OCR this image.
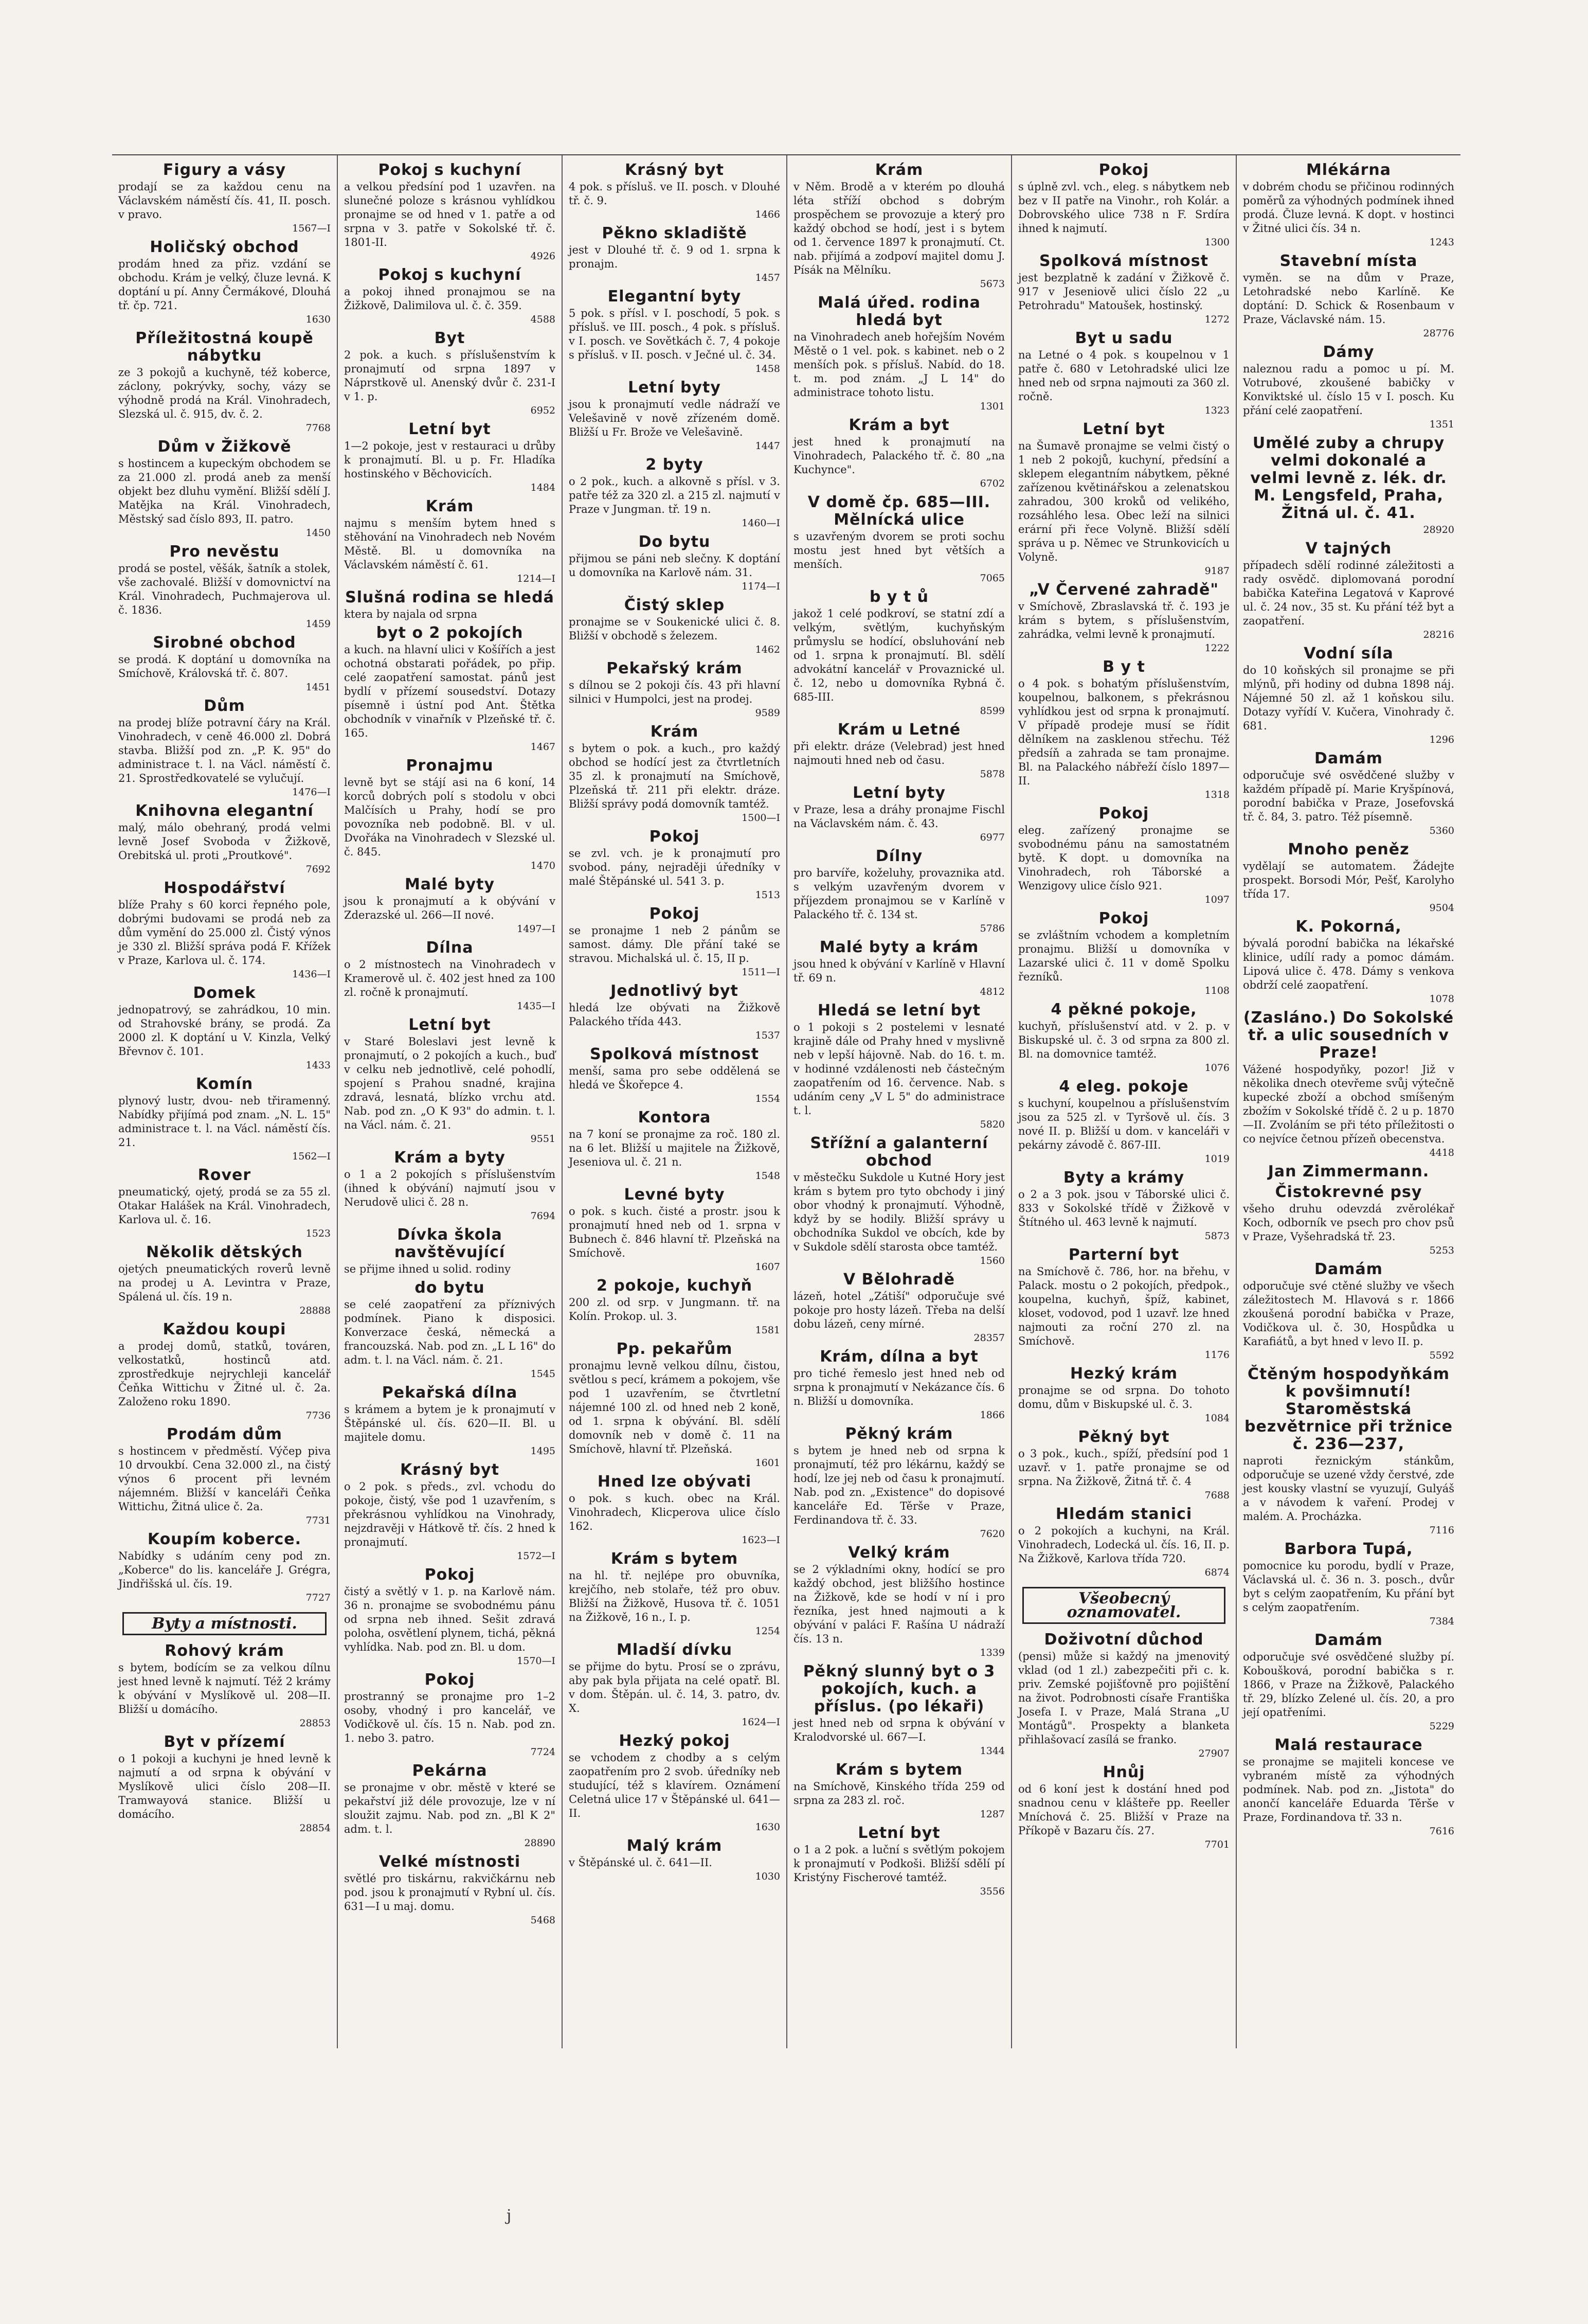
Figury a vásy

prodají se za každou cenu na Václavském náměstí čís. 41, II. posch. v pravo.

1567—I
Holičský obchod

prodám hned za přiz. vzdání se obchodu. Krám je velký, čluze levná. K doptání u pí. Anny Čermákové, Dlouhá tř. čp. 721.

1630
Příležitostná koupě nábytku

ze 3 pokojů a kuchyně, též koberce, záclony, pokrývky, sochy, vázy se výhodně prodá na Král. Vinohradech, Slezská ul. č. 915, dv. č. 2.

7768
Dům v Žižkově

s hostincem a kupeckým obchodem se za 21.000 zl. prodá aneb za menší objekt bez dluhu vymění. Bližší sdělí J. Matějka na Král. Vinohradech, Městský sad číslo 893, II. patro.

1450
Pro nevěstu

prodá se postel, věšák, šatník a stolek, vše zachovalé. Bližší v domovnictví na Král. Vinohradech, Puchmajerova ul. č. 1836.

1459
Sirobné obchod

se prodá. K doptání u domovníka na Smíchově, Královská tř. č. 807.

1451
Dům

na prodej blíže potravní čáry na Král. Vinohradech, v ceně 46.000 zl. Dobrá stavba. Bližší pod zn. „P. K. 95" do administrace t. l. na Václ. náměstí č. 21. Sprostředkovatelé se vylučují.

1476—I
Knihovna elegantní

malý, málo obehraný, prodá velmi levně Josef Svoboda v Žižkově, Orebitská ul. proti „Proutkové".

7692
Hospodářství

blíže Prahy s 60 korci řepného pole, dobrými budovami se prodá neb za dům vymění do 25.000 zl. Čistý výnos je 330 zl. Bližší správa podá F. Křížek v Praze, Karlova ul. č. 174.

1436—I
Domek

jednopatrový, se zahrádkou, 10 min. od Strahovské brány, se prodá. Za 2000 zl. K doptání u V. Kinzla, Velký Břevnov č. 101.

1433
Komín

plynový lustr, dvou- neb třiramenný. Nabídky přijímá pod znam. „N. L. 15" administrace t. l. na Václ. náměstí čís. 21.

1562—I
Rover

pneumatický, ojetý, prodá se za 55 zl. Otakar Halášek na Král. Vinohradech, Karlova ul. č. 16.

1523
Několik dětských

ojetých pneumatických roverů levně na prodej u A. Levintra v Praze, Spálená ul. čís. 19 n.

28888
Každou koupi

a prodej domů, statků, továren, velkostatků, hostinců atd. zprostředkuje nejrychleji kancelář Čeňka Wittichu v Žitné ul. č. 2a. Založeno roku 1890.

7736
Prodám dům

s hostincem v předměstí. Výčep piva 10 drvoukbí. Cena 32.000 zl., na čistý výnos 6 procent při levném nájemném. Bližší v kanceláři Čeňka Wittichu, Žitná ulice č. 2a.

7731
Koupím koberce.

Nabídky s udáním ceny pod zn. „Koberce" do lis. kanceláře J. Grégra, Jindřišská ul. čís. 19.

7727
Byty a místnosti.
Rohový krám

s bytem, bodícím se za velkou dílnu jest hned levně k najmutí. Též 2 krámy k obývání v Myslíkově ul. 208—II. Bližší u domácího.

28853
Byt v přízemí

o 1 pokoji a kuchyni je hned levně k najmutí a od srpna k obývání v Myslíkově ulici číslo 208—II. Tramwayová stanice. Bližší u domácího.

28854
Pokoj s kuchyní

a velkou předsíní pod 1 uzavřen. na slunečné poloze s krásnou vyhlídkou pronajme se od hned v 1. patře a od srpna v 3. patře v Sokolské tř. č. 1801-II.

4926
Pokoj s kuchyní

a pokoj ihned pronajmou se na Žižkově, Dalimilova ul. č. č. 359.

4588
Byt

2 pok. a kuch. s příslušenstvím k pronajmutí od srpna 1897 v Náprstkově ul. Anenský dvůr č. 231-I v 1. p.

6952
Letní byt

1—2 pokoje, jest v restauraci u drůby k pronajmutí. Bl. u p. Fr. Hladíka hostinského v Běchovicích.

1484
Krám

najmu s menším bytem hned s stěhování na Vinohradech neb Novém Městě. Bl. u domovníka na Václavském náměstí č. 61.

1214—I
Slušná rodina se hledá

ktera by najala od srpna

byt o 2 pokojích

a kuch. na hlavní ulici v Košířích a jest ochotná obstarati pořádek, po přip. celé zaopatření samostat. pánů jest bydlí v přízemí sousedství. Dotazy písemně i ústní pod Ant. Štětka obchodník v vinařník v Plzeňské tř. č. 165.

1467
Pronajmu

levně byt se stájí asi na 6 koní, 14 korců dobrých polí s stodolu v obci Malčísích u Prahy, hodí se pro povozníka neb podobně. Bl. v ul. Dvořáka na Vinohradech v Slezské ul. č. 845.

1470
Malé byty

jsou k pronajmutí a k obývání v Zderazské ul. 266—II nové.

1497—I
Dílna

o 2 místnostech na Vinohradech v Kramerově ul. č. 402 jest hned za 100 zl. ročně k pronajmutí.

1435—I
Letní byt

v Staré Boleslavi jest levně k pronajmutí, o 2 pokojích a kuch., buď v celku neb jednotlivě, celé pohodlí, spojení s Prahou snadné, krajina zdravá, lesnatá, blízko vrchu atd. Nab. pod zn. „O K 93" do admin. t. l. na Václ. nám. č. 21.

9551
Krám a byty

o 1 a 2 pokojích s příslušenstvím (ihned k obývání) najmutí jsou v Nerudově ulici č. 28 n.

7694
Dívka škola navštěvující

se přijme ihned u solid. rodiny

do bytu

se celé zaopatření za příznivých podmínek. Piano k disposici. Konverzace česká, německá a francouzská. Nab. pod zn. „L L 16" do adm. t. l. na Václ. nám. č. 21.

1545
Pekařská dílna

s krámem a bytem je k pronajmutí v Štěpánské ul. čís. 620—II. Bl. u majitele domu.

1495
Krásný byt

o 2 pok. s předs., zvl. vchodu do pokoje, čistý, vše pod 1 uzavřením, s překrásnou vyhlídkou na Vinohrady, nejzdravěji v Hátkově tř. čís. 2 hned k pronajmutí.

1572—I
Pokoj

čistý a světlý v 1. p. na Karlově nám. 36 n. pronajme se svobodnému pánu od srpna neb ihned. Sešit zdravá poloha, osvětlení plynem, tichá, pěkná vyhlídka. Nab. pod zn. Bl. u dom.

1570—I
Pokoj

prostranný se pronajme pro 1–2 osoby, vhodný i pro kancelář, ve Vodičkově ul. čís. 15 n. Nab. pod zn. 1. nebo 3. patro.

7724
Pekárna

se pronajme v obr. městě v které se pekařství již déle provozuje, lze v ní sloužit zajmu. Nab. pod zn. „Bl K 2" adm. t. l.

28890
Velké místnosti

světlé pro tiskárnu, rakvičkárnu neb pod. jsou k pronajmutí v Rybní ul. čís. 631—I u maj. domu.

5468
Krásný byt

4 pok. s přísluš. ve II. posch. v Dlouhé tř. č. 9.

1466
Pěkno skladiště

jest v Dlouhé tř. č. 9 od 1. srpna k pronajm.

1457
Elegantní byty

5 pok. s přísl. v I. poschodí, 5 pok. s přísluš. ve III. posch., 4 pok. s přísluš. v I. posch. ve Sovětkách č. 7, 4 pokoje s přísluš. v II. posch. v Ječné ul. č. 34.

1458
Letní byty

jsou k pronajmutí vedle nádraží ve Velešavině v nově zřízeném domě. Bližší u Fr. Brože ve Velešavině.

1447
2 byty

o 2 pok., kuch. a alkovně s přísl. v 3. patře též za 320 zl. a 215 zl. najmutí v Praze v Jungman. tř. 19 n.

1460—I
Do bytu

přijmou se páni neb slečny. K doptání u domovníka na Karlově nám. 31.

1174—I
Čistý sklep

pronajme se v Soukenické ulici č. 8. Bližší v obchodě s železem.

1462
Pekařský krám

s dílnou se 2 pokoji čís. 43 při hlavní silnici v Humpolci, jest na prodej.

9589
Krám

s bytem o pok. a kuch., pro každý obchod se hodící jest za čtvrtletních 35 zl. k pronajmutí na Smíchově, Plzeňská tř. 211 při elektr. dráze. Bližší správy podá domovník tamtéž.

1500—I
Pokoj

se zvl. vch. je k pronajmutí pro svobod. pány, nejraději úředníky v malé Štěpánské ul. 541 3. p.

1513
Pokoj

se pronajme 1 neb 2 pánům se samost. dámy. Dle přání také se stravou. Michalská ul. č. 15, II p.

1511—I
Jednotlivý byt

hledá lze obývati na Žižkově Palackého třída 443.

1537
Spolková místnost

menší, sama pro sebe oddělená se hledá ve Škořepce 4.

1554
Kontora

na 7 koní se pronajme za roč. 180 zl. na 6 let. Bližší u majitele na Žižkově, Jeseniova ul. č. 21 n.

1548
Levné byty

o pok. s kuch. čisté a prostr. jsou k pronajmutí hned neb od 1. srpna v Bubnech č. 846 hlavní tř. Plzeňská na Smíchově.

1607
2 pokoje, kuchyň

200 zl. od srp. v Jungmann. tř. na Kolín. Prokop. ul. 3.

1581
Pp. pekařům

pronajmu levně velkou dílnu, čistou, světlou s pecí, krámem a pokojem, vše pod 1 uzavřením, se čtvrtletní nájemné 100 zl. od hned neb 2 koně, od 1. srpna k obývání. Bl. sdělí domovník neb v domě č. 11 na Smíchově, hlavní tř. Plzeňská.

1601
Hned lze obývati

o pok. s kuch. obec na Král. Vinohradech, Klicperova ulice číslo 162.

1623—I
Krám s bytem

na hl. tř. nejlépe pro obuvníka, krejčího, neb stolaře, též pro obuv. Bližší na Žižkově, Husova tř. č. 1051 na Žižkově, 16 n., I. p.

1254
Mladší dívku

se přijme do bytu. Prosí se o zprávu, aby pak byla přijata na celé opatř. Bl. v dom. Štěpán. ul. č. 14, 3. patro, dv. X.

1624—I
Hezký pokoj

se vchodem z chodby a s celým zaopatřením pro 2 svob. úředníky neb studující, též s klavírem. Oznámení Celetná ulice 17 v Štěpánské ul. 641—II.

1630
Malý krám

v Štěpánské ul. č. 641—II.

1030
Krám

v Něm. Brodě a v kterém po dlouhá léta stříží obchod s dobrým prospěchem se provozuje a který pro každý obchod se hodí, jest i s bytem od 1. července 1897 k pronajmutí. Ct. nab. přijímá a zodpoví majitel domu J. Písák na Mělníku.

5673
Malá úřed. rodina hledá byt

na Vinohradech aneb hořejším Novém Městě o 1 vel. pok. s kabinet. neb o 2 menších pok. s přísluš. Nabíd. do 18. t. m. pod znám. „J L 14" do administrace tohoto listu.

1301
Krám a byt

jest hned k pronajmutí na Vinohradech, Palackého tř. č. 80 „na Kuchynce".

6702
V domě čp. 685—III. Mělnícká ulice

s uzavřeným dvorem se proti sochu mostu jest hned byt větších a menších.

7065
b y t ů

jakož 1 celé podkroví, se statní zdí a velkým, světlým, kuchyňským průmyslu se hodící, obsluhování neb od 1. srpna k pronajmutí. Bl. sdělí advokátní kancelář v Provaznické ul. č. 12, nebo u domovníka Rybná č. 685-III.

8599
Krám u Letné

při elektr. dráze (Velebrad) jest hned najmouti hned neb od času.

5878
Letní byty

v Praze, lesa a dráhy pronajme Fischl na Václavském nám. č. 43.

6977
Dílny

pro barvíře, koželuhy, provaznika atd. s velkým uzavřeným dvorem v příjezdem pronajmou se v Karlíně v Palackého tř. č. 134 st.

5786
Malé byty a krám

jsou hned k obývání v Karlíně v Hlavní tř. 69 n.

4812
Hledá se letní byt

o 1 pokoji s 2 postelemi v lesnaté krajině dále od Prahy hned v myslivně neb v lepší hájovně. Nab. do 16. t. m. v hodinné vzdálenosti neb částečným zaopatřením od 16. července. Nab. s udáním ceny „V L 5" do administrace t. l.

5820
Střížní a galanterní obchod

v městečku Sukdole u Kutné Hory jest krám s bytem pro tyto obchody i jiný obor vhodný k pronajmutí. Výhodně, když by se hodily. Bližší správy u obchodníka Sukdol ve obcích, kde by v Sukdole sdělí starosta obce tamtéž.

1560
V Bělohradě

lázeň, hotel „Zátiší" odporučuje své pokoje pro hosty lázeň. Třeba na delší dobu lázeň, ceny mírné.

28357
Krám, dílna a byt

pro tiché řemeslo jest hned neb od srpna k pronajmutí v Nekázance čís. 6 n. Bližší u domovníka.

1866
Pěkný krám

s bytem je hned neb od srpna k pronajmutí, též pro lékárnu, každý se hodí, lze jej neb od času k pronajmutí. Nab. pod zn. „Existence" do dopisové kanceláře Ed. Těrše v Praze, Ferdinandova tř. č. 33.

7620
Velký krám

se 2 výkladními okny, hodící se pro každý obchod, jest bližšího hostince na Žižkově, kde se hodí v ní i pro řezníka, jest hned najmouti a k obývání v paláci F. Rašína U nádraží čís. 13 n.

1339
Pěkný slunný byt o 3 pokojích, kuch. a příslus. (po lékaři)

jest hned neb od srpna k obývání v Kralodvorské ul. 667—I.

1344
Krám s bytem

na Smíchově, Kinského třída 259 od srpna za 283 zl. roč.

1287
Letní byt

o 1 a 2 pok. a luční s světlým pokojem k pronajmutí v Podkoši. Bližší sdělí pí Kristýny Fischerové tamtéž.

3556
Pokoj

s úplně zvl. vch., eleg. s nábytkem neb bez v II patře na Vinohr., roh Kolár. a Dobrovského ulice 738 n F. Srdíra ihned k najmutí.

1300
Spolková místnost

jest bezplatně k zadání v Žižkově č. 917 v Jeseniově ulici číslo 22 „u Petrohradu" Matoušek, hostinský.

1272
Byt u sadu

na Letné o 4 pok. s koupelnou v 1 patře č. 680 v Letohradské ulici lze hned neb od srpna najmouti za 360 zl. ročně.

1323
Letní byt

na Šumavě pronajme se velmi čistý o 1 neb 2 pokojů, kuchyní, předsíní a sklepem elegantním nábytkem, pěkné zařízenou květinářskou a zelenatskou zahradou, 300 kroků od velikého, rozsáhlého lesa. Obec leží na silnici erární při řece Volyně. Bližší sdělí správa u p. Němec ve Strunkovicích u Volyně.

9187
„V Červené zahradě"

v Smíchově, Zbraslavská tř. č. 193 je krám s bytem, s příslušenstvím, zahrádka, velmi levně k pronajmutí.

1222
B y t

o 4 pok. s bohatým příslušenstvím, koupelnou, balkonem, s překrásnou vyhlídkou jest od srpna k pronajmutí. V případě prodeje musí se řídit dělníkem na zasklenou střechu. Též předsíň a zahrada se tam pronajme. Bl. na Palackého nábřeží číslo 1897—II.

1318
Pokoj

eleg. zařízený pronajme se svobodnému pánu na samostatném bytě. K dopt. u domovníka na Vinohradech, roh Táborské a Wenzigovy ulice číslo 921.

1097
Pokoj

se zvláštním vchodem a kompletním pronajmu. Bližší u domovníka v Lazarské ulici č. 11 v domě Spolku řezníků.

1108
4 pěkné pokoje,

kuchyň, příslušenství atd. v 2. p. v Biskupské ul. č. 3 od srpna za 800 zl. Bl. na domovnice tamtéž.

1076
4 eleg. pokoje

s kuchyní, koupelnou a příslušenstvím jsou za 525 zl. v Tyršově ul. čís. 3 nové II. p. Bližší u dom. v kanceláři v pekárny závodě č. 867-III.

1019
Byty a krámy

o 2 a 3 pok. jsou v Táborské ulici č. 833 v Sokolské třídě v Žižkově v Štítného ul. 463 levně k najmutí.

5873
Parterní byt

na Smíchově č. 786, hor. na břehu, v Palack. mostu o 2 pokojích, předpok., koupelna, kuchyň, špíž, kabinet, kloset, vodovod, pod 1 uzavř. lze hned najmouti za roční 270 zl. na Smíchově.

1176
Hezký krám

pronajme se od srpna. Do tohoto domu, dům v Biskupské ul. č. 3.

1084
Pěkný byt

o 3 pok., kuch., spíží, předsíní pod 1 uzavř. v 1. patře pronajme se od srpna. Na Žižkově, Žitná tř. č. 4

7688
Hledám stanici

o 2 pokojích a kuchyni, na Král. Vinohradech, Lodecká ul. čís. 16, II. p. Na Žižkově, Karlova třída 720.

6874
Všeobecný oznamovatel.
Doživotní důchod

(pensi) může si každý na jmenovitý vklad (od 1 zl.) zabezpečiti při c. k. priv. Zemské pojišťovně pro pojištění na život. Podrobnosti císaře Františka Josefa I. v Praze, Malá Strana „U Montágů". Prospekty a blanketa přihlašovací zasílá se franko.

27907
Hnůj

od 6 koní jest k dostání hned pod snadnou cenu v klášteře pp. Reeller Mníchová č. 25. Bližší v Praze na Příkopě v Bazaru čís. 27.

7701
Mlékárna

v dobrém chodu se přičinou rodinných poměrů za výhodných podmínek ihned prodá. Čluze levná. K dopt. v hostinci v Žitné ulici čís. 34 n.

1243
Stavební místa

vyměn. se na dům v Praze, Letohradské nebo Karlíně. Ke doptání: D. Schick & Rosenbaum v Praze, Václavské nám. 15.

28776
Dámy

naleznou radu a pomoc u pí. M. Votrubové, zkoušené babičky v Konviktské ul. číslo 15 v I. posch. Ku přání celé zaopatření.

1351
Umělé zuby a chrupy velmi dokonalé a velmi levně z. lék. dr. M. Lengsfeld, Praha, Žitná ul. č. 41.

28920
V tajných

případech sdělí rodinné záležitosti a rady osvědč. diplomovaná porodní babička Kateřina Legatová v Kaprové ul. č. 24 nov., 35 st. Ku přání též byt a zaopatření.

28216
Vodní síla

do 10 koňských sil pronajme se při mlýnů, při hodiny od dubna 1898 náj. Nájemné 50 zl. až 1 koňskou silu. Dotazy vyřídí V. Kučera, Vinohrady č. 681.

1296
Damám

odporučuje své osvědčené služby v každém případě pí. Marie Kryšpínová, porodní babička v Praze, Josefovská tř. č. 84, 3. patro. Též písemně.

5360
Mnoho peněz

vydělají se automatem. Žádejte prospekt. Borsodi Mór, Pešť, Karolyho třída 17.

9504
K. Pokorná,

bývalá porodní babička na lékařské klinice, udílí rady a pomoc dámám. Lipová ulice č. 478. Dámy s venkova obdrží celé zaopatření.

1078
(Zasláno.) Do Sokolské tř. a ulic sousedních v Praze!

Vážené hospodyňky, pozor! Již v několika dnech otevřeme svůj výtečně kupecké zboží a obchod smíšeným zbožím v Sokolské třídě č. 2 u p. 1870—II. Zvoláním se při této příležitosti o co nejvíce četnou přízeň obecenstva.

4418
Jan Zimmermann.

Čistokrevné psy

všeho druhu odevzdá zvěrolékař Koch, odborník ve psech pro chov psů v Praze, Vyšehradská tř. 23.

5253
Damám

odporučuje své ctěné služby ve všech záležitostech M. Hlavová s r. 1866 zkoušená porodní babička v Praze, Vodičkova ul. č. 30, Hospůdka u Karafiátů, a byt hned v levo II. p.

5592
Čtěným hospodyňkám k povšimnutí! Staroměstská bezvětrnice při tržnice č. 236—237,

naproti řeznickým stánkům, odporučuje se uzené vždy čerstvé, zde jest kousky vlastní se vyuzují, Gulyáš a v návodem k vaření. Prodej v malém. A. Procházka.

7116
Barbora Tupá,

pomocnice ku porodu, bydlí v Praze, Václavská ul. č. 36 n. 3. posch., dvůr byt s celým zaopatřením, Ku přání byt s celým zaopatřením.

7384
Damám

odporučuje své osvědčené služby pí. Koboušková, porodní babička s r. 1866, v Praze na Žižkově, Palackého tř. 29, blízko Zelené ul. čís. 20, a pro její opatřeními.

5229
Malá restaurace

se pronajme se majiteli koncese ve vybraném místě za výhodných podmínek. Nab. pod zn. „Jistota" do anončí kanceláře Eduarda Těrše v Praze, Fordinandova tř. 33 n.

7616
j
